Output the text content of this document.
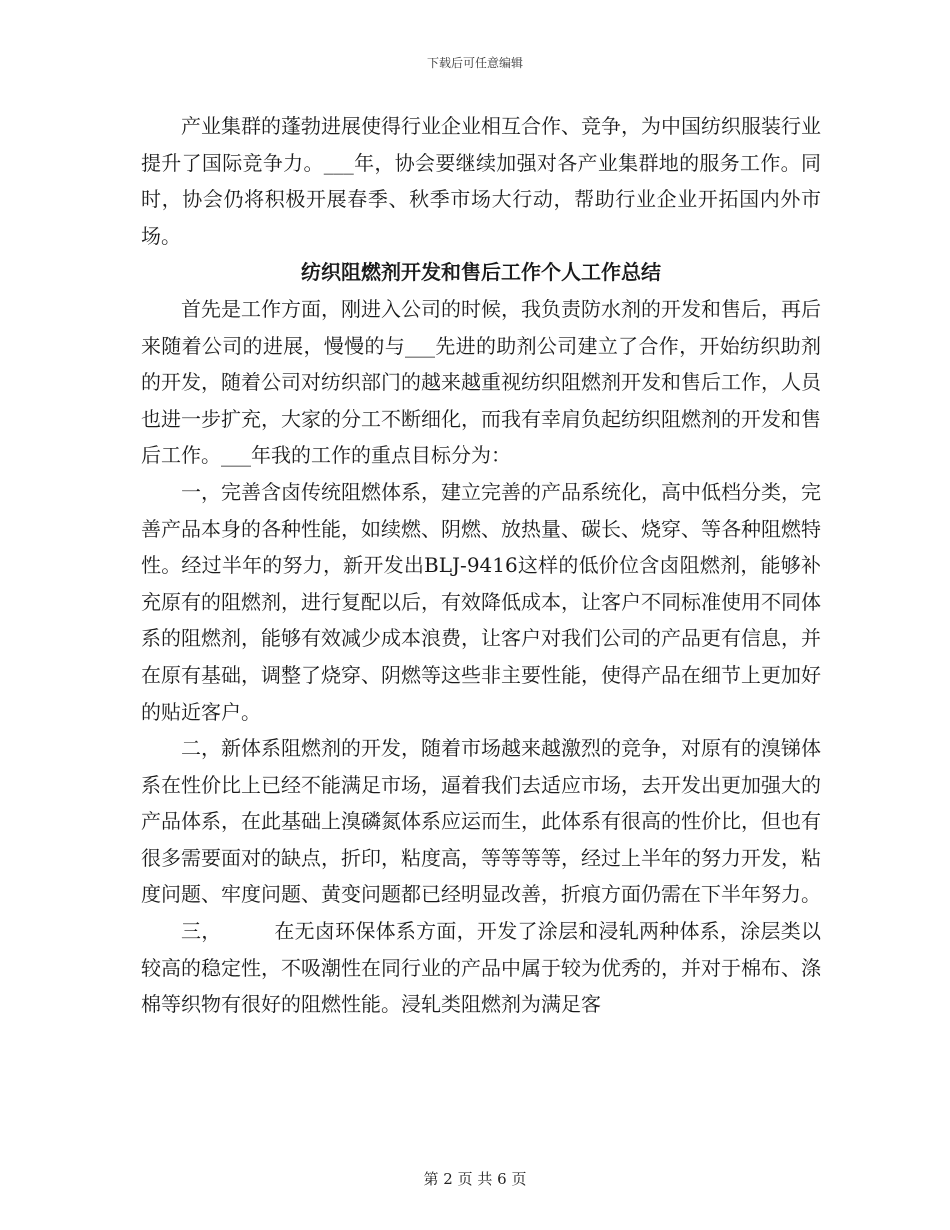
下载后可任意编辑

产业集群的蓬勃进展使得行业企业相互合作、竞争，为中国纺织服装行业提升了国际竞争力。___年，协会要继续加强对各产业集群地的服务工作。同时，协会仍将积极开展春季、秋季市场大行动，帮助行业企业开拓国内外市场。

纺织阻燃剂开发和售后工作个人工作总结

首先是工作方面，刚进入公司的时候，我负责防水剂的开发和售后，再后来随着公司的进展，慢慢的与___先进的助剂公司建立了合作，开始纺织助剂的开发，随着公司对纺织部门的越来越重视纺织阻燃剂开发和售后工作，人员也进一步扩充，大家的分工不断细化，而我有幸肩负起纺织阻燃剂的开发和售后工作。___年我的工作的重点目标分为：

一，完善含卤传统阻燃体系，建立完善的产品系统化，高中低档分类，完善产品本身的各种性能，如续燃、阴燃、放热量、碳长、烧穿、等各种阻燃特性。经过半年的努力，新开发出BLJ-9416这样的低价位含卤阻燃剂，能够补充原有的阻燃剂，进行复配以后，有效降低成本，让客户不同标准使用不同体系的阻燃剂，能够有效减少成本浪费，让客户对我们公司的产品更有信息，并在原有基础，调整了烧穿、阴燃等这些非主要性能，使得产品在细节上更加好的贴近客户。

二，新体系阻燃剂的开发，随着市场越来越激烈的竞争，对原有的溴锑体系在性价比上已经不能满足市场，逼着我们去适应市场，去开发出更加强大的产品体系，在此基础上溴磷氮体系应运而生，此体系有很高的性价比，但也有很多需要面对的缺点，折印，粘度高，等等等等，经过上半年的努力开发，粘度问题、牢度问题、黄变问题都已经明显改善，折痕方面仍需在下半年努力。

三，        在无卤环保体系方面，开发了涂层和浸轧两种体系，涂层类以较高的稳定性，不吸潮性在同行业的产品中属于较为优秀的，并对于棉布、涤棉等织物有很好的阻燃性能。浸轧类阻燃剂为满足客

第 2 页 共 6 页
